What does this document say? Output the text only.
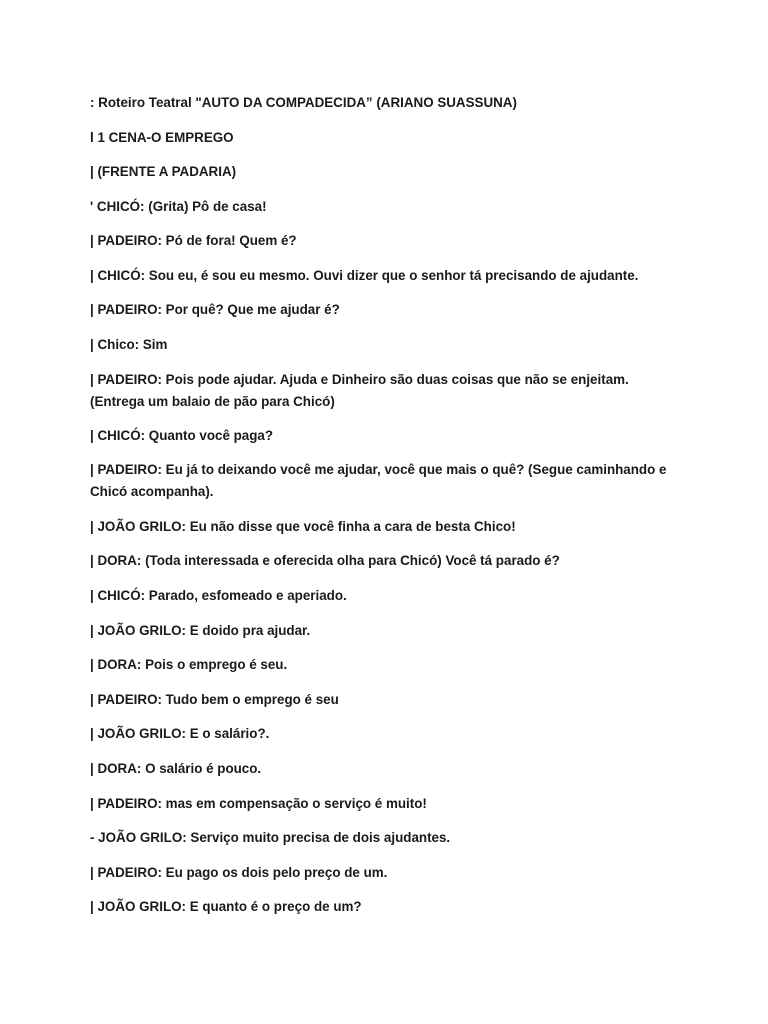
: Roteiro Teatral "AUTO DA COMPADECIDA” (ARIANO SUASSUNA)

l 1 CENA-O EMPREGO

| (FRENTE A PADARIA)

' CHICÓ: (Grita) Pô de casa!

| PADEIRO: Pó de fora! Quem é?

| CHICÓ: Sou eu, é sou eu mesmo. Ouvi dizer que o senhor tá precisando de ajudante.

| PADEIRO: Por quê? Que me ajudar é?

| Chico: Sim

| PADEIRO: Pois pode ajudar. Ajuda e Dinheiro são duas coisas que não se enjeitam. (Entrega um balaio de pão para Chicó)

| CHICÓ: Quanto você paga?

| PADEIRO: Eu já to deixando você me ajudar, você que mais o quê? (Segue caminhando e Chicó acompanha).

| JOÃO GRILO: Eu não disse que você finha a cara de besta Chico!

| DORA: (Toda interessada e oferecida olha para Chicó) Você tá parado é?

| CHICÓ: Parado, esfomeado e aperiado.

| JOÃO GRILO: E doido pra ajudar.

| DORA: Pois o emprego é seu.

| PADEIRO: Tudo bem o emprego é seu

| JOÃO GRILO: E o salário?.

| DORA: O salário é pouco.

| PADEIRO: mas em compensação o serviço é muito!

- JOÃO GRILO: Serviço muito precisa de dois ajudantes.

| PADEIRO: Eu pago os dois pelo preço de um.

| JOÃO GRILO: E quanto é o preço de um?
